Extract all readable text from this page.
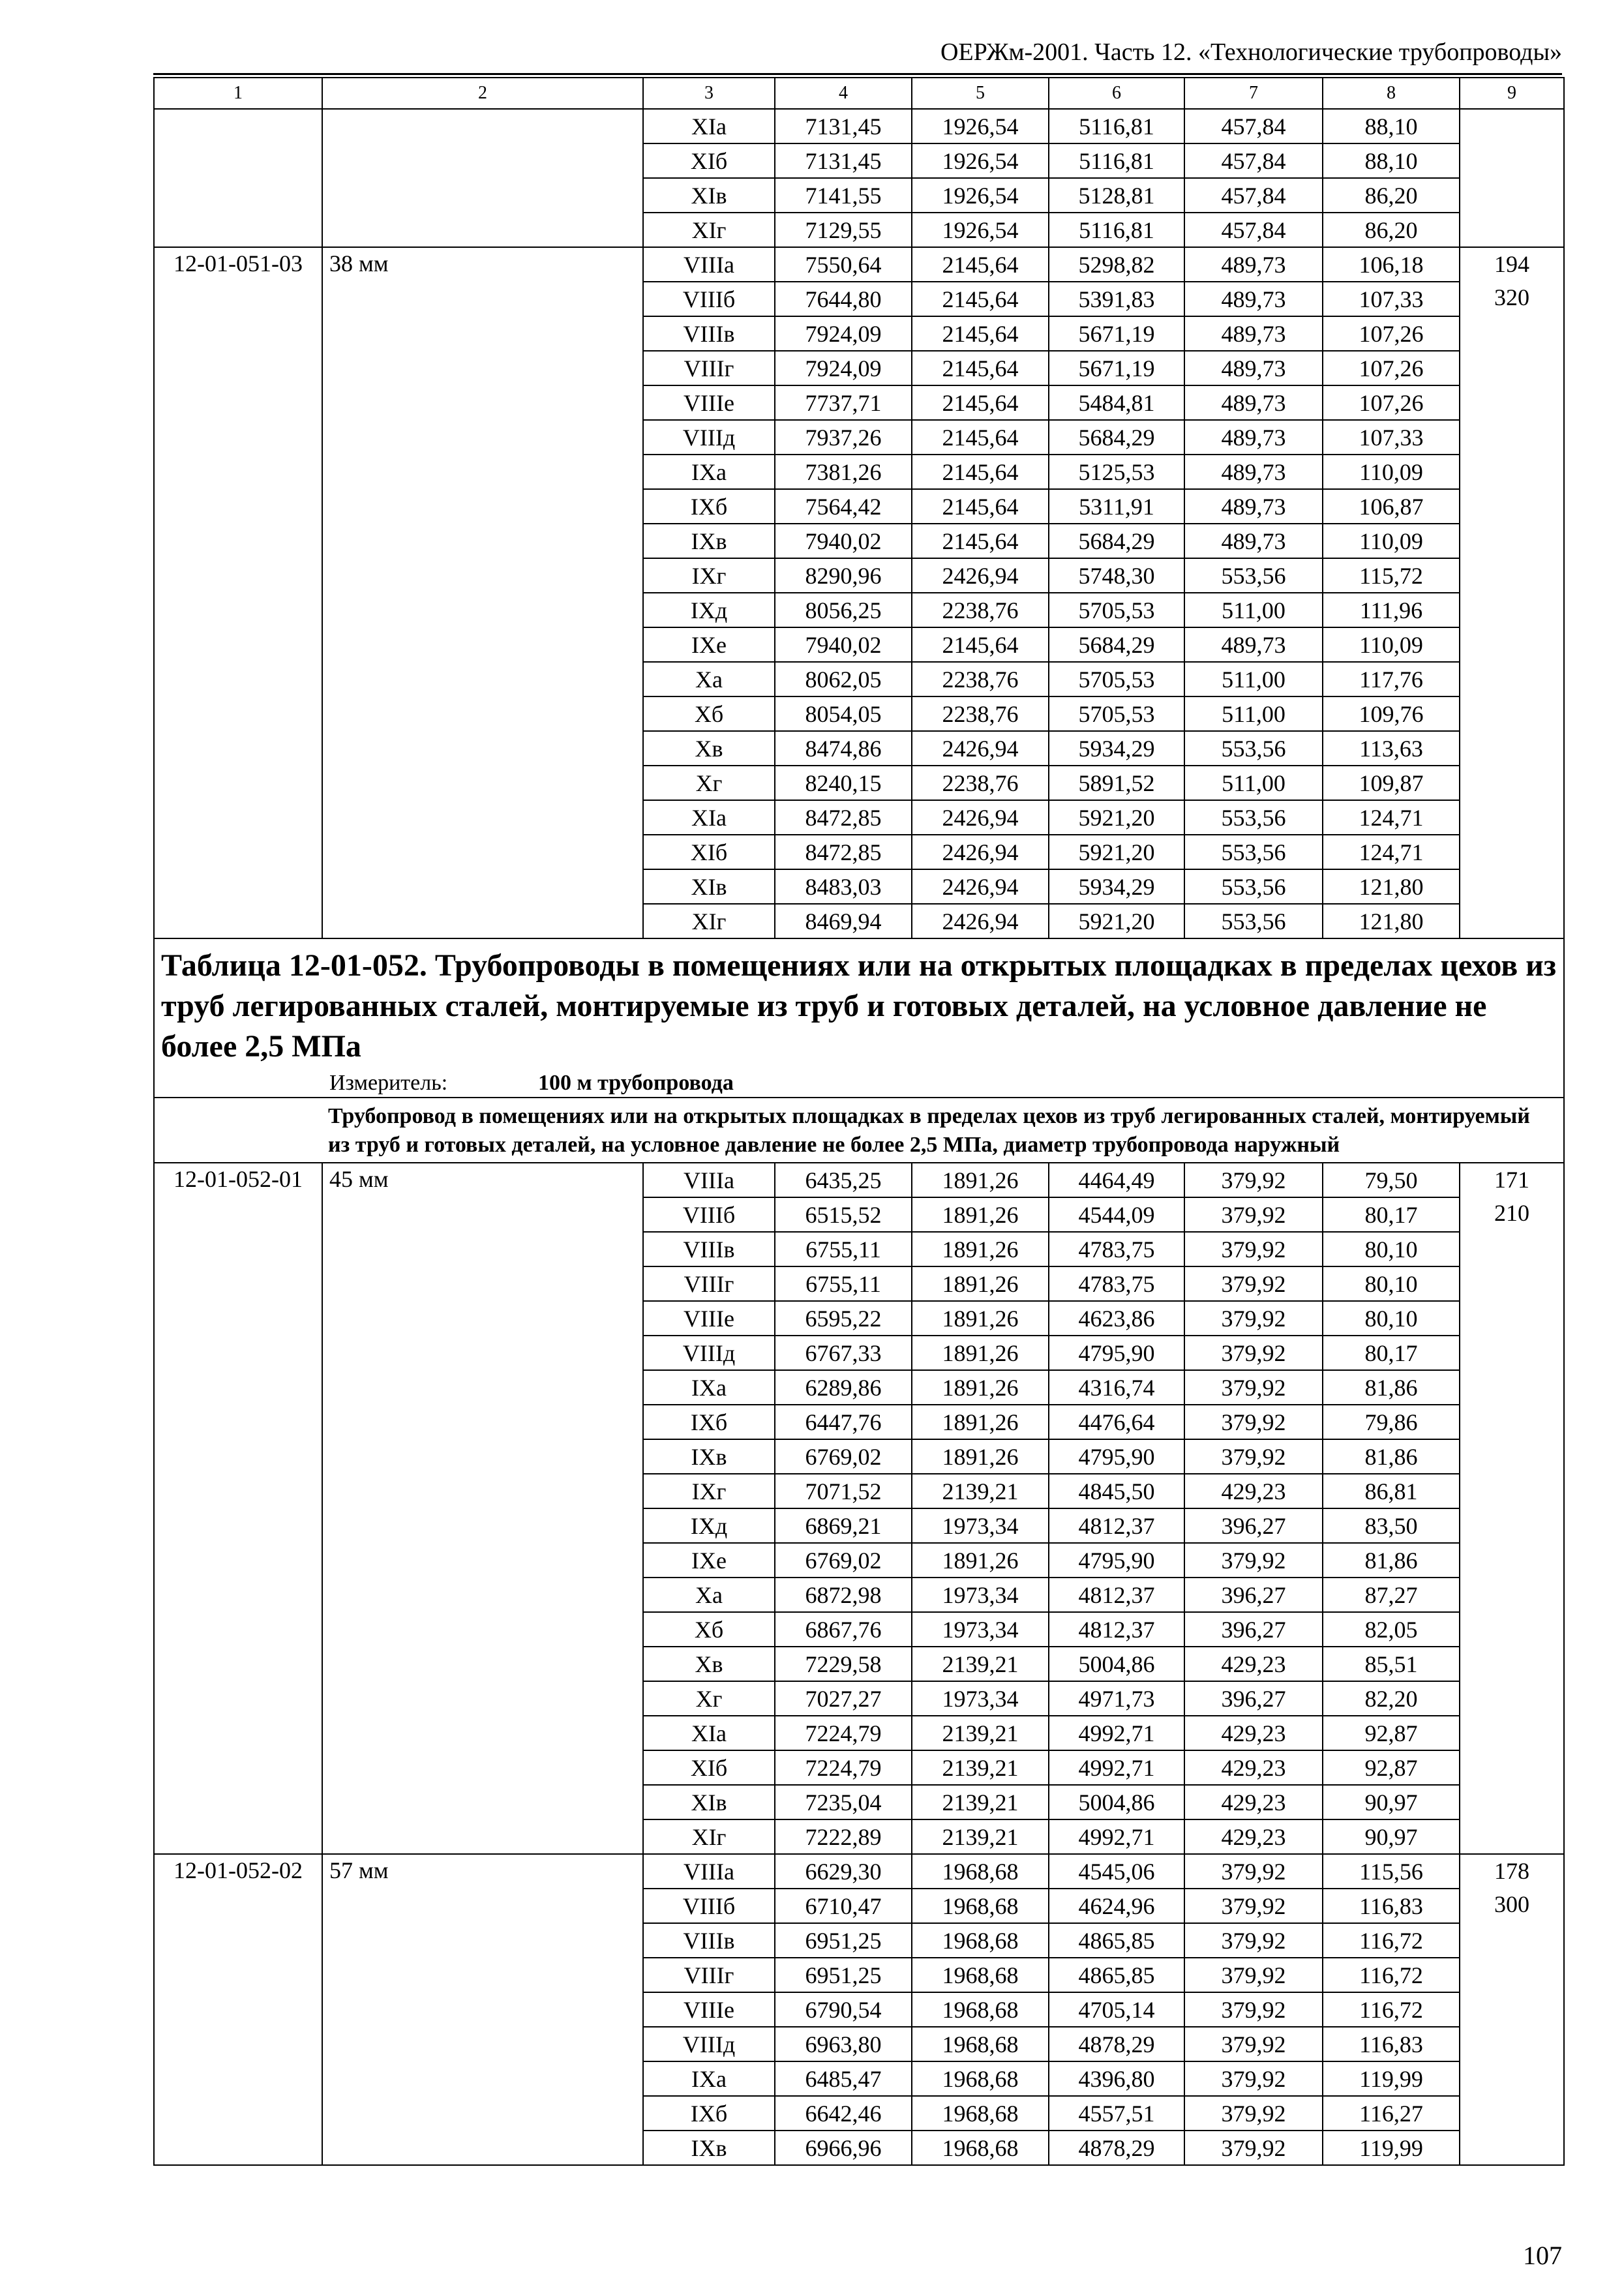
ОЕРЖм-2001. Часть 12. «Технологические трубопроводы»
1	2	3	4	5	6	7	8	9
		XIа	7131,45	1926,54	5116,81	457,84	88,10	
		XIб	7131,45	1926,54	5116,81	457,84	88,10	
		XIв	7141,55	1926,54	5128,81	457,84	86,20	
		XIг	7129,55	1926,54	5116,81	457,84	86,20	
12-01-051-03	38 мм	VIIIа	7550,64	2145,64	5298,82	489,73	106,18	194
320

		VIIIб	7644,80	2145,64	5391,83	489,73	107,33	
		VIIIв	7924,09	2145,64	5671,19	489,73	107,26	
		VIIIг	7924,09	2145,64	5671,19	489,73	107,26	
		VIIIе	7737,71	2145,64	5484,81	489,73	107,26	
		VIIIд	7937,26	2145,64	5684,29	489,73	107,33	
		IXа	7381,26	2145,64	5125,53	489,73	110,09	
		IXб	7564,42	2145,64	5311,91	489,73	106,87	
		IXв	7940,02	2145,64	5684,29	489,73	110,09	
		IXг	8290,96	2426,94	5748,30	553,56	115,72	
		IXд	8056,25	2238,76	5705,53	511,00	111,96	
		IXе	7940,02	2145,64	5684,29	489,73	110,09	
		Xа	8062,05	2238,76	5705,53	511,00	117,76	
		Xб	8054,05	2238,76	5705,53	511,00	109,76	
		Xв	8474,86	2426,94	5934,29	553,56	113,63	
		Xг	8240,15	2238,76	5891,52	511,00	109,87	
		XIа	8472,85	2426,94	5921,20	553,56	124,71	
		XIб	8472,85	2426,94	5921,20	553,56	124,71	
		XIв	8483,03	2426,94	5934,29	553,56	121,80	
		XIг	8469,94	2426,94	5921,20	553,56	121,80	

Таблица 12-01-052. Трубопроводы в помещениях или на открытых площадках в пределах цехов из труб легированных сталей, монтируемые из труб и готовых деталей, на условное давление не более 2,5 МПа
Измеритель: 100 м трубопровода								

Трубопровод в помещениях или на открытых площадках в пределах цехов из труб легированных сталей, монтируемый из труб и готовых деталей, на условное давление не более 2,5 МПа, диаметр трубопровода наружный								
12-01-052-01	45 мм	VIIIа	6435,25	1891,26	4464,49	379,92	79,50	171
210

		VIIIб	6515,52	1891,26	4544,09	379,92	80,17	
		VIIIв	6755,11	1891,26	4783,75	379,92	80,10	
		VIIIг	6755,11	1891,26	4783,75	379,92	80,10	
		VIIIе	6595,22	1891,26	4623,86	379,92	80,10	
		VIIIд	6767,33	1891,26	4795,90	379,92	80,17	
		IXа	6289,86	1891,26	4316,74	379,92	81,86	
		IXб	6447,76	1891,26	4476,64	379,92	79,86	
		IXв	6769,02	1891,26	4795,90	379,92	81,86	
		IXг	7071,52	2139,21	4845,50	429,23	86,81	
		IXд	6869,21	1973,34	4812,37	396,27	83,50	
		IXе	6769,02	1891,26	4795,90	379,92	81,86	
		Xа	6872,98	1973,34	4812,37	396,27	87,27	
		Xб	6867,76	1973,34	4812,37	396,27	82,05	
		Xв	7229,58	2139,21	5004,86	429,23	85,51	
		Xг	7027,27	1973,34	4971,73	396,27	82,20	
		XIа	7224,79	2139,21	4992,71	429,23	92,87	
		XIб	7224,79	2139,21	4992,71	429,23	92,87	
		XIв	7235,04	2139,21	5004,86	429,23	90,97	
		XIг	7222,89	2139,21	4992,71	429,23	90,97	
12-01-052-02	57 мм	VIIIа	6629,30	1968,68	4545,06	379,92	115,56	178
300

		VIIIб	6710,47	1968,68	4624,96	379,92	116,83	
		VIIIв	6951,25	1968,68	4865,85	379,92	116,72	
		VIIIг	6951,25	1968,68	4865,85	379,92	116,72	
		VIIIе	6790,54	1968,68	4705,14	379,92	116,72	
		VIIIд	6963,80	1968,68	4878,29	379,92	116,83	
		IXа	6485,47	1968,68	4396,80	379,92	119,99	
		IXб	6642,46	1968,68	4557,51	379,92	116,27	
		IXв	6966,96	1968,68	4878,29	379,92	119,99	
107
